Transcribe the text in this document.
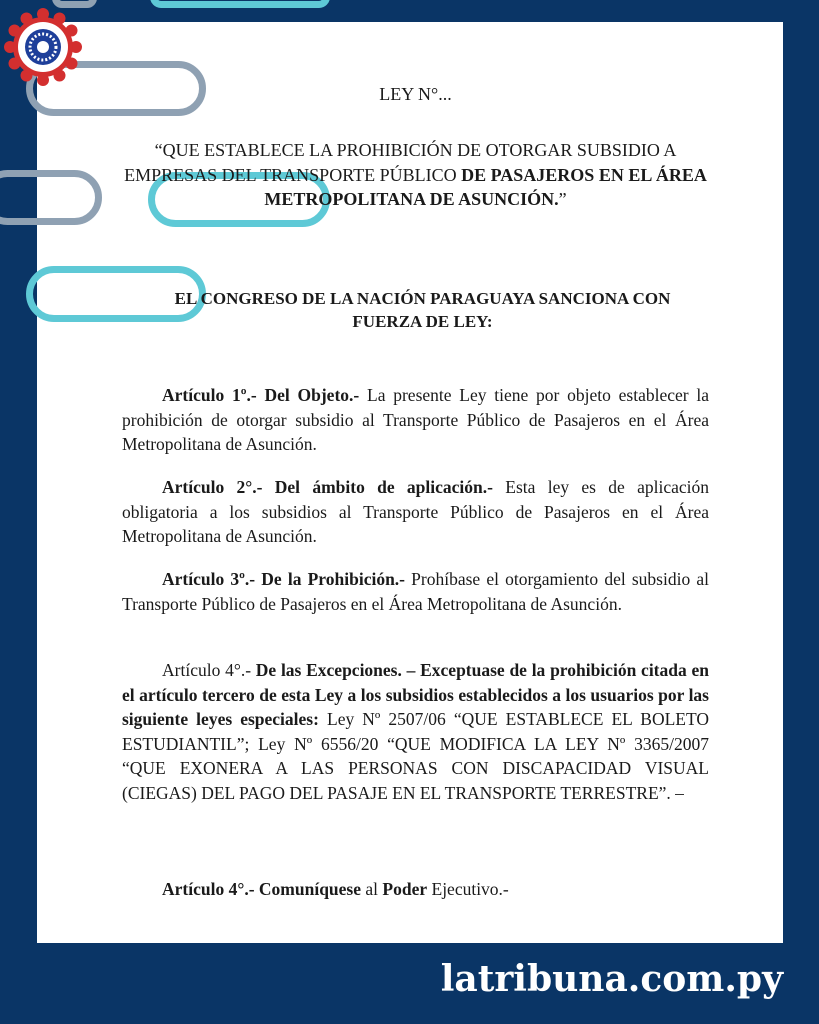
LEY N°...
“QUE ESTABLECE LA PROHIBICIÓN DE OTORGAR SUBSIDIO A EMPRESAS DEL TRANSPORTE PÚBLICO DE PASAJEROS EN EL ÁREA METROPOLITANA DE ASUNCIÓN.”
EL CONGRESO DE LA NACIÓN PARAGUAYA SANCIONA CON FUERZA DE LEY:
Artículo 1º.- Del Objeto.- La presente Ley tiene por objeto establecer la prohibición de otorgar subsidio al Transporte Público de Pasajeros en el Área Metropolitana de Asunción.
Artículo 2°.- Del ámbito de aplicación.- Esta ley es de aplicación obligatoria a los subsidios al Transporte Público de Pasajeros en el Área Metropolitana de Asunción.
Artículo 3º.- De la Prohibición.- Prohíbase el otorgamiento del subsidio al Transporte Público de Pasajeros en el Área Metropolitana de Asunción.
Artículo 4°.- De las Excepciones. – Exceptuase de la prohibición citada en el artículo tercero de esta Ley a los subsidios establecidos a los usuarios por las siguiente leyes especiales: Ley Nº 2507/06 “QUE ESTABLECE EL BOLETO ESTUDIANTIL”; Ley Nº 6556/20 “QUE MODIFICA LA LEY Nº 3365/2007 “QUE EXONERA A LAS PERSONAS CON DISCAPACIDAD VISUAL (CIEGAS) DEL PAGO DEL PASAJE EN EL TRANSPORTE TERRESTRE”. –
Artículo 4°.- Comuníquese al Poder Ejecutivo.-
latribuna.com.py
